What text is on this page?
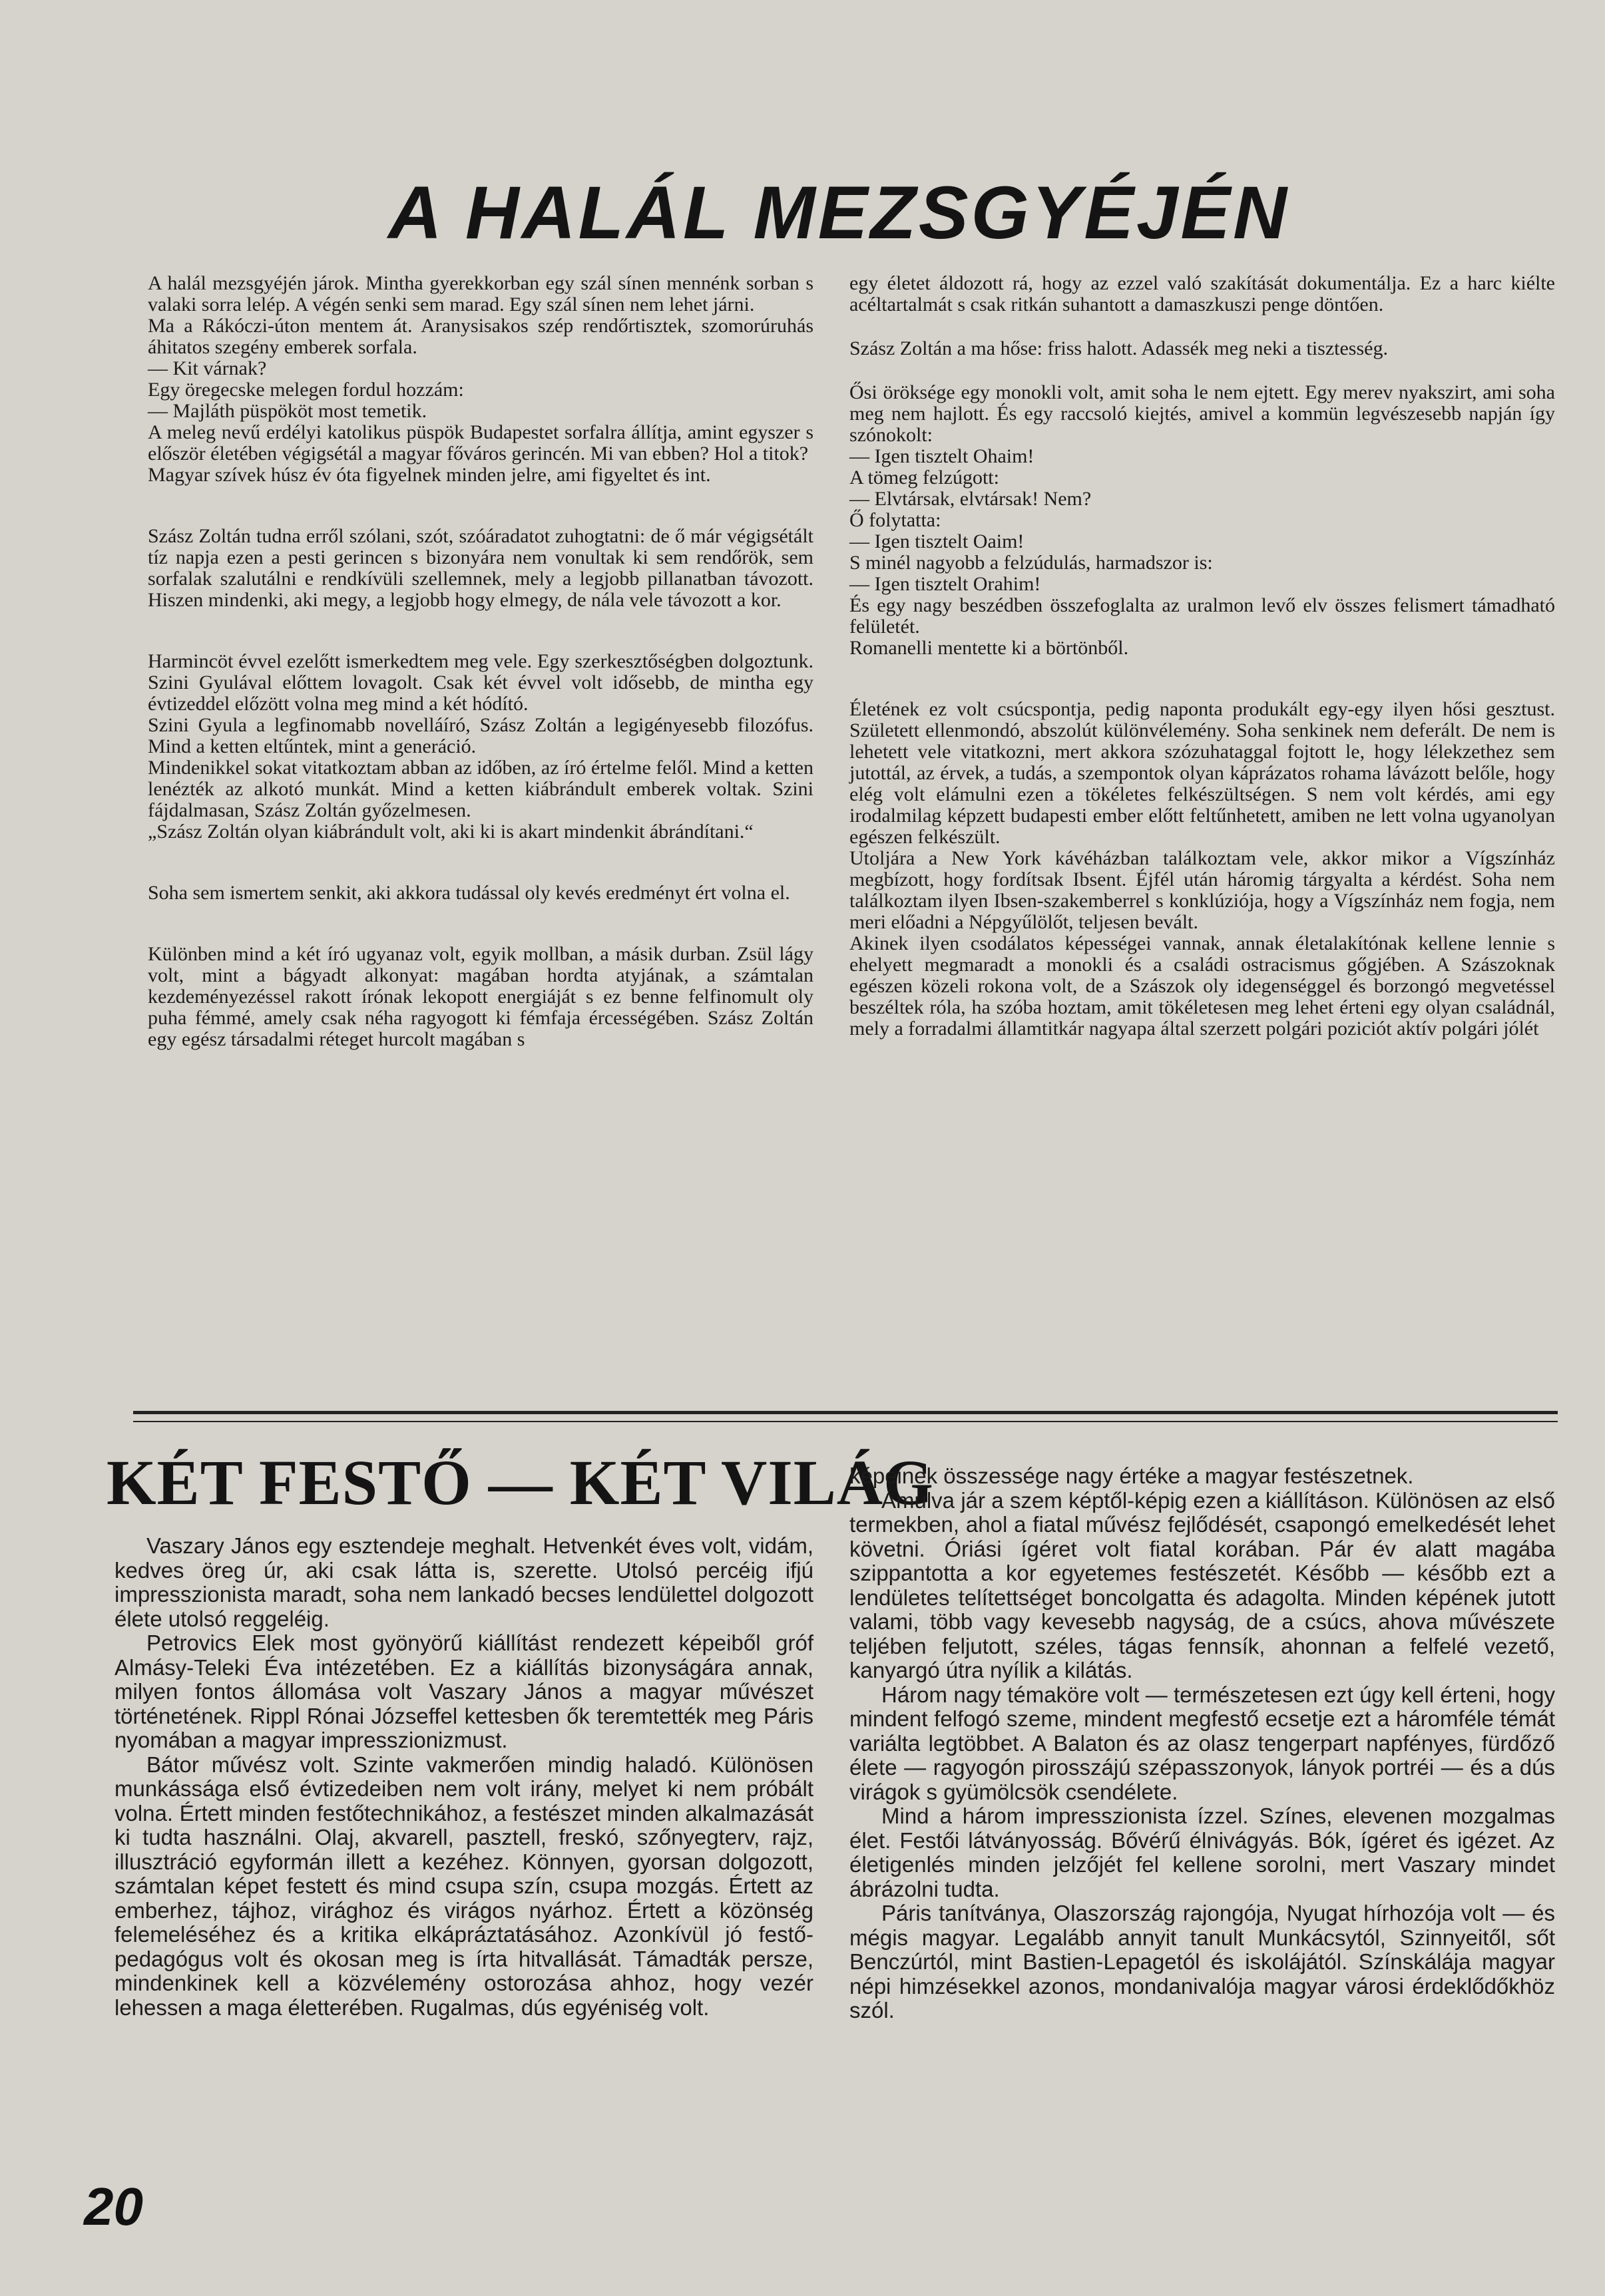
A HALÁL MEZSGYÉJÉN

A halál mezsgyéjén járok. Mintha gyerekkorban egy szál sínen mennénk sorban s valaki sorra lelép. A végén senki sem marad. Egy szál sínen nem lehet járni.

Ma a Rákóczi-úton mentem át. Aranysisakos szép rendőrtisztek, szomorúruhás áhitatos szegény emberek sorfala.

— Kit várnak?

Egy öregecske melegen fordul hozzám:

— Majláth püspököt most temetik.

A meleg nevű erdélyi katolikus püspök Budapestet sorfalra állítja, amint egyszer s először életében végigsétál a magyar főváros gerincén. Mi van ebben? Hol a titok?

Magyar szívek húsz év óta figyelnek minden jelre, ami figyeltet és int.

Szász Zoltán tudna erről szólani, szót, szóáradatot zuhogtatni: de ő már végigsétált tíz napja ezen a pesti gerincen s bizonyára nem vonultak ki sem rendőrök, sem sorfalak szalutálni e rendkívüli szellemnek, mely a legjobb pillanatban távozott. Hiszen mindenki, aki megy, a legjobb hogy elmegy, de nála vele távozott a kor.

Harmincöt évvel ezelőtt ismerkedtem meg vele. Egy szerkesztőségben dolgoztunk. Szini Gyulával előttem lovagolt. Csak két évvel volt idősebb, de mintha egy évtizeddel előzött volna meg mind a két hódító.

Szini Gyula a legfinomabb novelláíró, Szász Zoltán a legigényesebb filozófus. Mind a ketten eltűntek, mint a generáció.

Mindenikkel sokat vitatkoztam abban az időben, az író értelme felől. Mind a ketten lenézték az alkotó munkát. Mind a ketten kiábrándult emberek voltak. Szini fájdalmasan, Szász Zoltán győzelmesen.

„Szász Zoltán olyan kiábrándult volt, aki ki is akart mindenkit ábrándítani.“

Soha sem ismertem senkit, aki akkora tudással oly kevés eredményt ért volna el.

Különben mind a két író ugyanaz volt, egyik mollban, a másik durban. Zsül lágy volt, mint a bágyadt alkonyat: magában hordta atyjának, a számtalan kezdeményezéssel rakott írónak lekopott energiáját s ez benne felfinomult oly puha fémmé, amely csak néha ragyogott ki fémfaja ércességében. Szász Zoltán egy egész társadalmi réteget hurcolt magában s

egy életet áldozott rá, hogy az ezzel való szakítását dokumentálja. Ez a harc kiélte acéltartalmát s csak ritkán suhantott a damaszkuszi penge döntően.

Szász Zoltán a ma hőse: friss halott. Adassék meg neki a tisztesség.

Ősi öröksége egy monokli volt, amit soha le nem ejtett. Egy merev nyakszirt, ami soha meg nem hajlott. És egy raccsoló kiejtés, amivel a kommün legvészesebb napján így szónokolt:

— Igen tisztelt Ohaim!

A tömeg felzúgott:

— Elvtársak, elvtársak! Nem?

Ő folytatta:

— Igen tisztelt Oaim!

S minél nagyobb a felzúdulás, harmadszor is:

— Igen tisztelt Orahim!

És egy nagy beszédben összefoglalta az uralmon levő elv összes felismert támadható felületét.

Romanelli mentette ki a börtönből.

Életének ez volt csúcspontja, pedig naponta produkált egy-egy ilyen hősi gesztust. Született ellenmondó, abszolút különvélemény. Soha senkinek nem deferált. De nem is lehetett vele vitatkozni, mert akkora szózuhataggal fojtott le, hogy lélekzethez sem jutottál, az érvek, a tudás, a szempontok olyan káprázatos rohama lávázott belőle, hogy elég volt elámulni ezen a tökéletes felkészültségen. S nem volt kérdés, ami egy irodalmilag képzett budapesti ember előtt feltűnhetett, amiben ne lett volna ugyanolyan egészen felkészült.

Utoljára a New York kávéházban találkoztam vele, akkor mikor a Vígszínház megbízott, hogy fordítsak Ibsent. Éjfél után háromig tárgyalta a kérdést. Soha nem találkoztam ilyen Ibsen-szakemberrel s konklúziója, hogy a Vígszínház nem fogja, nem meri előadni a Népgyűlölőt, teljesen bevált.

Akinek ilyen csodálatos képességei vannak, annak életalakítónak kellene lennie s ehelyett megmaradt a monokli és a családi ostracismus gőgjében. A Szászoknak egészen közeli rokona volt, de a Szászok oly idegenséggel és borzongó megvetéssel beszéltek róla, ha szóba hoztam, amit tökéletesen meg lehet érteni egy olyan családnál, mely a forradalmi államtitkár nagyapa által szerzett polgári poziciót aktív polgári jólét

KÉT FESTŐ — KÉT VILÁG

Vaszary János egy esztendeje meghalt. Hetvenkét éves volt, vidám, kedves öreg úr, aki csak látta is, szerette. Utolsó percéig ifjú impresszionista maradt, soha nem lankadó becses lendülettel dolgozott élete utolsó reggeléig.

Petrovics Elek most gyönyörű kiállítást rendezett képeiből gróf Almásy-Teleki Éva intézetében. Ez a kiállítás bizonyságára annak, milyen fontos állomása volt Vaszary János a magyar művészet történetének. Rippl Rónai Józseffel kettesben ők teremtették meg Páris nyomában a magyar impresszionizmust.

Bátor művész volt. Szinte vakmerően mindig haladó. Különösen munkássága első évtizedeiben nem volt irány, melyet ki nem próbált volna. Értett minden festőtechnikához, a festészet minden alkalmazását ki tudta használni. Olaj, akvarell, pasztell, freskó, szőnyegterv, rajz, illusztráció egyformán illett a kezéhez. Könnyen, gyorsan dolgozott, számtalan képet festett és mind csupa szín, csupa mozgás. Értett az emberhez, tájhoz, virághoz és virágos nyárhoz. Értett a közönség felemeléséhez és a kritika elkápráztatásához. Azonkívül jó festő-pedagógus volt és okosan meg is írta hitvallását. Támadták persze, mindenkinek kell a közvélemény ostorozása ahhoz, hogy vezér lehessen a maga életterében. Rugalmas, dús egyéniség volt.

képeinek összessége nagy értéke a magyar festészetnek.

Ámulva jár a szem képtől-képig ezen a kiállításon. Különösen az első termekben, ahol a fiatal művész fejlődését, csapongó emelkedését lehet követni. Óriási ígéret volt fiatal korában. Pár év alatt magába szippantotta a kor egyetemes festészetét. Később — később ezt a lendületes telítettséget boncolgatta és adagolta. Minden képének jutott valami, több vagy kevesebb nagyság, de a csúcs, ahova művészete teljében feljutott, széles, tágas fennsík, ahonnan a felfelé vezető, kanyargó útra nyílik a kilátás.

Három nagy témaköre volt — természetesen ezt úgy kell érteni, hogy mindent felfogó szeme, mindent megfestő ecsetje ezt a háromféle témát variálta legtöbbet. A Balaton és az olasz tengerpart napfényes, fürdőző élete — ragyogón pirosszájú szépasszonyok, lányok portréi — és a dús virágok s gyümölcsök csendélete.

Mind a három impresszionista ízzel. Színes, elevenen mozgalmas élet. Festői látványosság. Bővérű élnivágyás. Bók, ígéret és igézet. Az életigenlés minden jelzőjét fel kellene sorolni, mert Vaszary mindet ábrázolni tudta.

Páris tanítványa, Olaszország rajongója, Nyugat hírhozója volt — és mégis magyar. Legalább annyit tanult Munkácsytól, Szinnyeitől, sőt Benczúrtól, mint Bastien-Lepagetól és iskolájától. Színskálája magyar népi himzésekkel azonos, mondanivalója magyar városi érdeklődőkhöz szól.

20
